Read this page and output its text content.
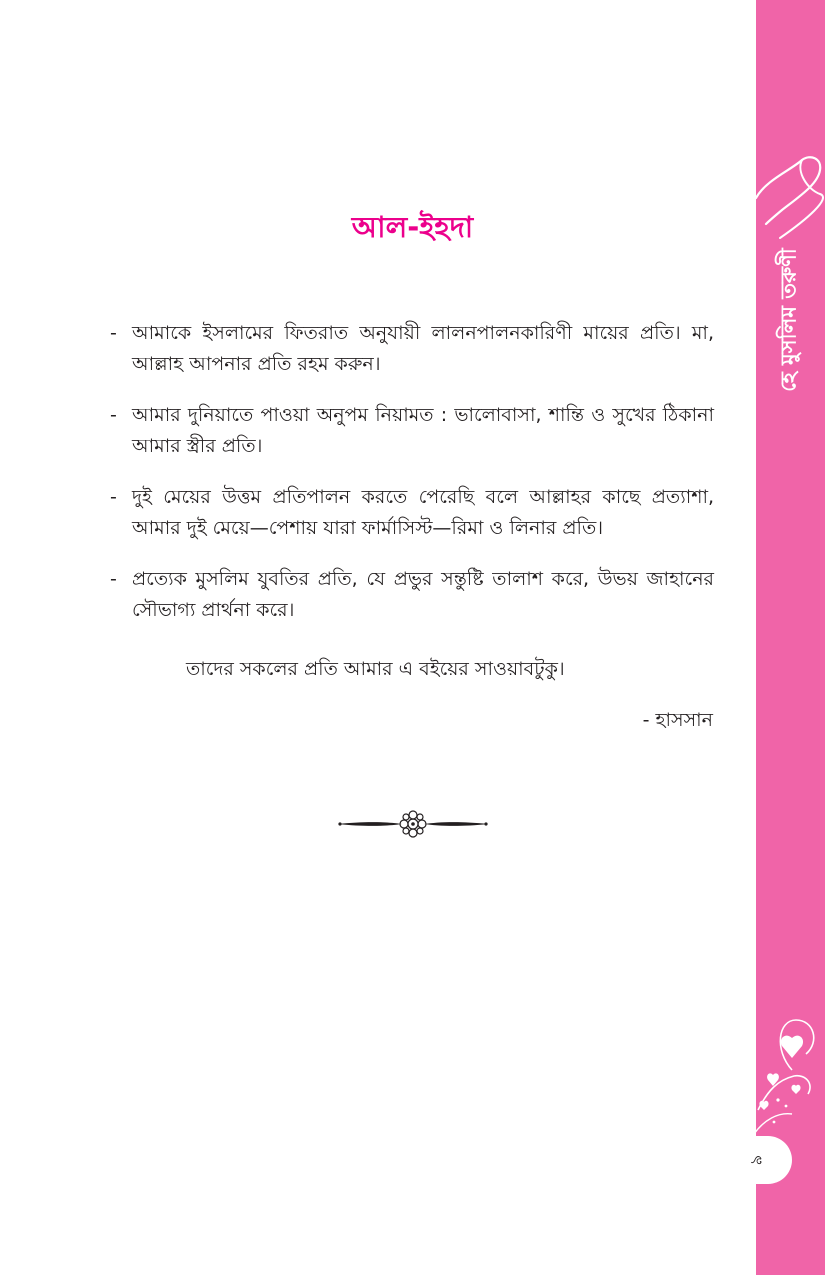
হে মুসলিম তরুণী
৯
আল-ইহদা
- আমাকে ইসলামের ফিতরাত অনুযায়ী লালনপালনকারিণী মায়ের প্রতি। মা, আল্লাহ আপনার প্রতি রহম করুন।
- আমার দুনিয়াতে পাওয়া অনুপম নিয়ামত : ভালোবাসা, শান্তি ও সুখের ঠিকানা আমার স্ত্রীর প্রতি।
- দুই মেয়ের উত্তম প্রতিপালন করতে পেরেছি বলে আল্লাহর কাছে প্রত্যাশা, আমার দুই মেয়ে—পেশায় যারা ফার্মাসিস্ট—রিমা ও লিনার প্রতি।
- প্রত্যেক মুসলিম যুবতির প্রতি, যে প্রভুর সন্তুষ্টি তালাশ করে, উভয় জাহানের সৌভাগ্য প্রার্থনা করে।
তাদের সকলের প্রতি আমার এ বইয়ের সাওয়াবটুকু।
- হাসসান
